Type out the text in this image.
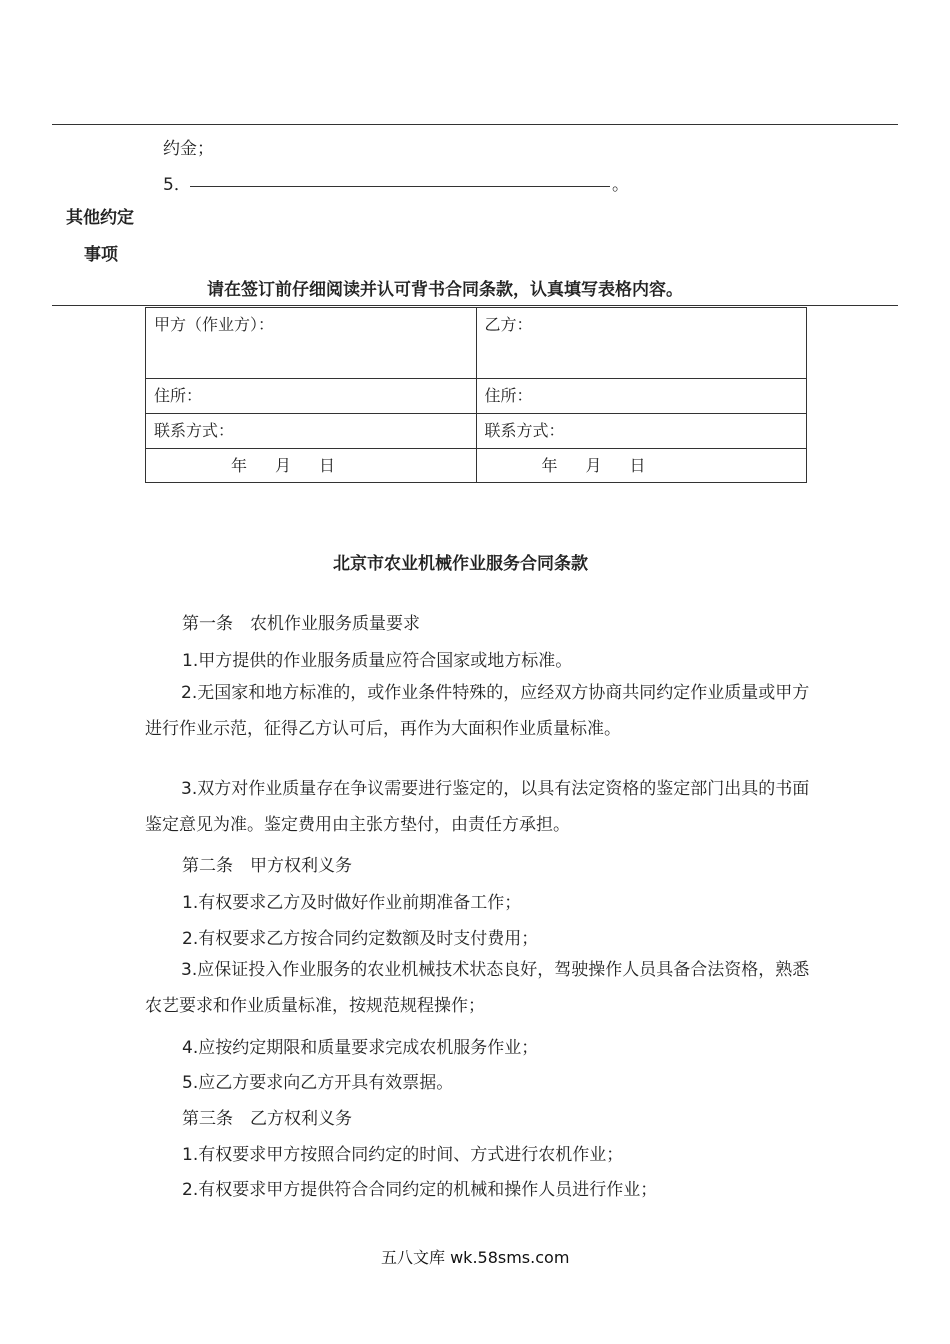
约金；
5．	。
其他约定
事项
请在签订前仔细阅读并认可背书合同条款，认真填写表格内容。
甲方（作业方）：	乙方：
住所：	住所：
联系方式：	联系方式：
年 月 日	年 月 日
北京市农业机械作业服务合同条款
第一条　农机作业服务质量要求
1.甲方提供的作业服务质量应符合国家或地方标准。
2.无国家和地方标准的，或作业条件特殊的，应经双方协商共同约定作业质量或甲方进行作业示范，征得乙方认可后，再作为大面积作业质量标准。
3.双方对作业质量存在争议需要进行鉴定的，以具有法定资格的鉴定部门出具的书面鉴定意见为准。鉴定费用由主张方垫付，由责任方承担。
第二条　甲方权利义务
1.有权要求乙方及时做好作业前期准备工作；
2.有权要求乙方按合同约定数额及时支付费用；
3.应保证投入作业服务的农业机械技术状态良好，驾驶操作人员具备合法资格，熟悉农艺要求和作业质量标准，按规范规程操作；
4.应按约定期限和质量要求完成农机服务作业；
5.应乙方要求向乙方开具有效票据。
第三条　乙方权利义务
1.有权要求甲方按照合同约定的时间、方式进行农机作业；
2.有权要求甲方提供符合合同约定的机械和操作人员进行作业；
五八文库 wk.58sms.com
